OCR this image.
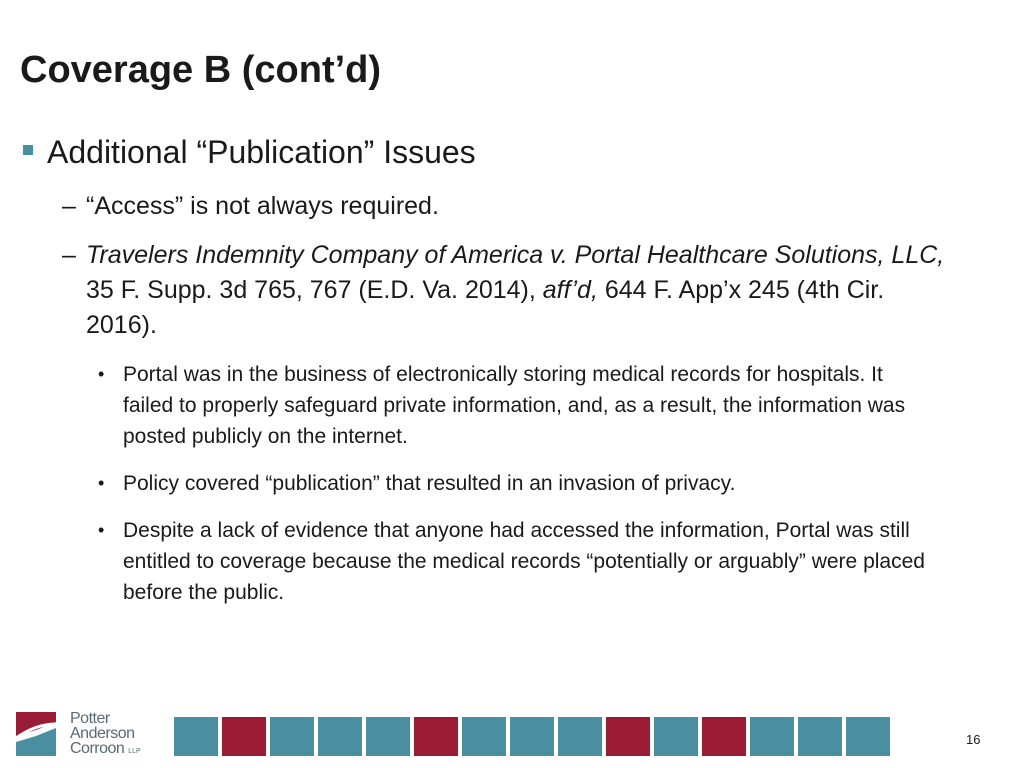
Coverage B (cont’d)
Additional “Publication” Issues
– “Access” is not always required.
– Travelers Indemnity Company of America v. Portal Healthcare Solutions, LLC, 35 F. Supp. 3d 765, 767 (E.D. Va. 2014), aff’d, 644 F. App’x 245 (4th Cir. 2016).
• Portal was in the business of electronically storing medical records for hospitals. It failed to properly safeguard private information, and, as a result, the information was posted publicly on the internet.
• Policy covered “publication” that resulted in an invasion of privacy.
• Despite a lack of evidence that anyone had accessed the information, Portal was still entitled to coverage because the medical records “potentially or arguably” were placed before the public.
Potter
Anderson
Corroon LLP
16
